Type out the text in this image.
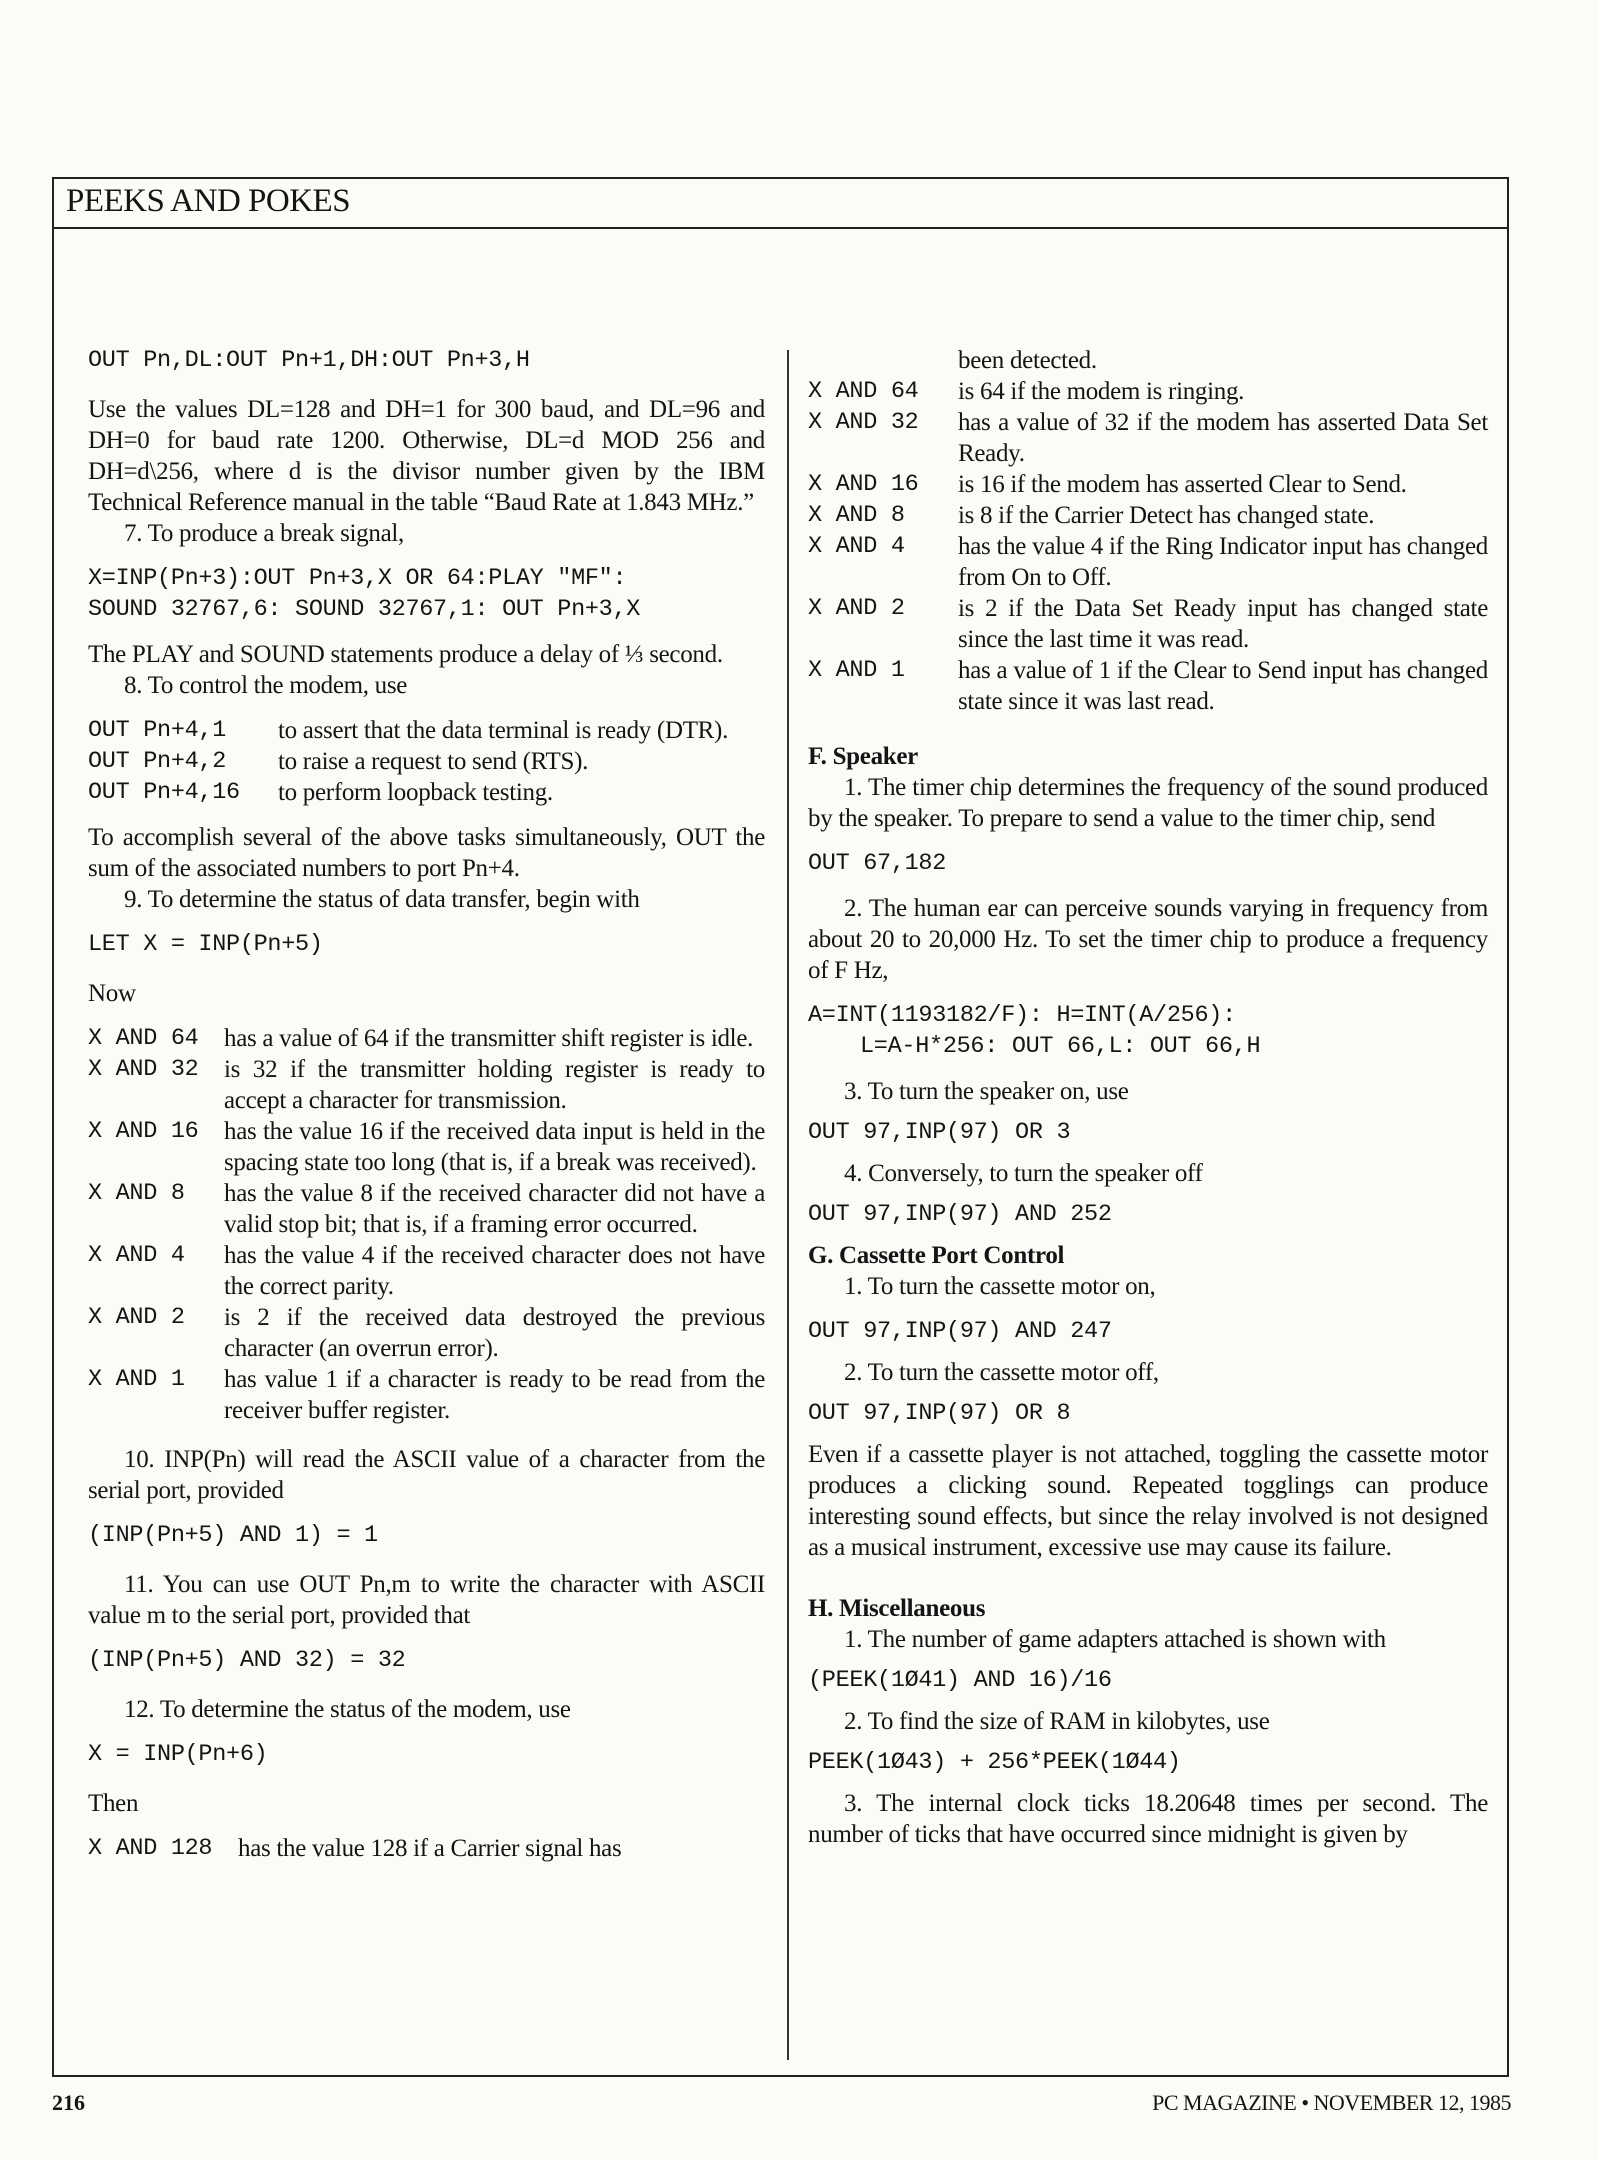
PEEKS AND POKES
OUT Pn,DL:OUT Pn+1,DH:OUT Pn+3,H

Use the values DL=128 and DH=1 for 300 baud, and DL=96 and DH=0 for baud rate 1200. Otherwise, DL=d MOD 256 and DH=d\256, where d is the divisor number given by the IBM Technical Reference manual in the table “Baud Rate at 1.843 MHz.”

7. To produce a break signal,

X=INP(Pn+3):OUT Pn+3,X OR 64:PLAY "MF":
SOUND 32767,6: SOUND 32767,1: OUT Pn+3,X

The PLAY and SOUND statements produce a delay of ⅓ second.

8. To control the modem, use

OUT Pn+4,1	to assert that the data terminal is ready (DTR).
OUT Pn+4,2	to raise a request to send (RTS).
OUT Pn+4,16 to perform loopback testing.

To accomplish several of the above tasks simultaneously, OUT the sum of the associated numbers to port Pn+4.

9. To determine the status of data transfer, begin with

LET X = INP(Pn+5)

Now

X AND 64 has a value of 64 if the transmitter shift register is idle.
X AND 32 is 32 if the transmitter holding register is ready to accept a character for transmission.
X AND 16 has the value 16 if the received data input is held in the spacing state too long (that is, if a break was received).
X AND 8	has the value 8 if the received character did not have a valid stop bit; that is, if a framing error occurred.
X AND 4	has the value 4 if the received character does not have the correct parity.
X AND 2	is 2 if the received data destroyed the previous character (an overrun error).
X AND 1	has value 1 if a character is ready to be read from the receiver buffer register.

10. INP(Pn) will read the ASCII value of a character from the serial port, provided

(INP(Pn+5) AND 1) = 1

11. You can use OUT Pn,m to write the character with ASCII value m to the serial port, provided that

(INP(Pn+5) AND 32) = 32

12. To determine the status of the modem, use

X = INP(Pn+6)

Then

X AND 128 has the value 128 if a Carrier signal has
been detected.
X AND 64	is 64 if the modem is ringing.
X AND 32	has a value of 32 if the modem has asserted Data Set Ready.
X AND 16	is 16 if the modem has asserted Clear to Send.
X AND 8	is 8 if the Carrier Detect has changed state.
X AND 4	has the value 4 if the Ring Indicator input has changed from On to Off.
X AND 2	is 2 if the Data Set Ready input has changed state since the last time it was read.
X AND 1	has a value of 1 if the Clear to Send input has changed state since it was last read.

F. Speaker

1. The timer chip determines the frequency of the sound produced by the speaker. To prepare to send a value to the timer chip, send

OUT 67,182

2. The human ear can perceive sounds varying in frequency from about 20 to 20,000 Hz. To set the timer chip to produce a frequency of F Hz,

A=INT(1193182/F): H=INT(A/256):
L=A-H*256: OUT 66,L: OUT 66,H

3. To turn the speaker on, use

OUT 97,INP(97) OR 3

4. Conversely, to turn the speaker off

OUT 97,INP(97) AND 252

G. Cassette Port Control

1. To turn the cassette motor on,

OUT 97,INP(97) AND 247

2. To turn the cassette motor off,

OUT 97,INP(97) OR 8

Even if a cassette player is not attached, toggling the cassette motor produces a clicking sound. Repeated togglings can produce interesting sound effects, but since the relay involved is not designed as a musical instrument, excessive use may cause its failure.

H. Miscellaneous

1. The number of game adapters attached is shown with

(PEEK(1Ø41) AND 16)/16

2. To find the size of RAM in kilobytes, use

PEEK(1Ø43) + 256*PEEK(1Ø44)

3. The internal clock ticks 18.20648 times per second. The number of ticks that have occurred since midnight is given by

216	PC MAGAZINE • NOVEMBER 12, 1985
